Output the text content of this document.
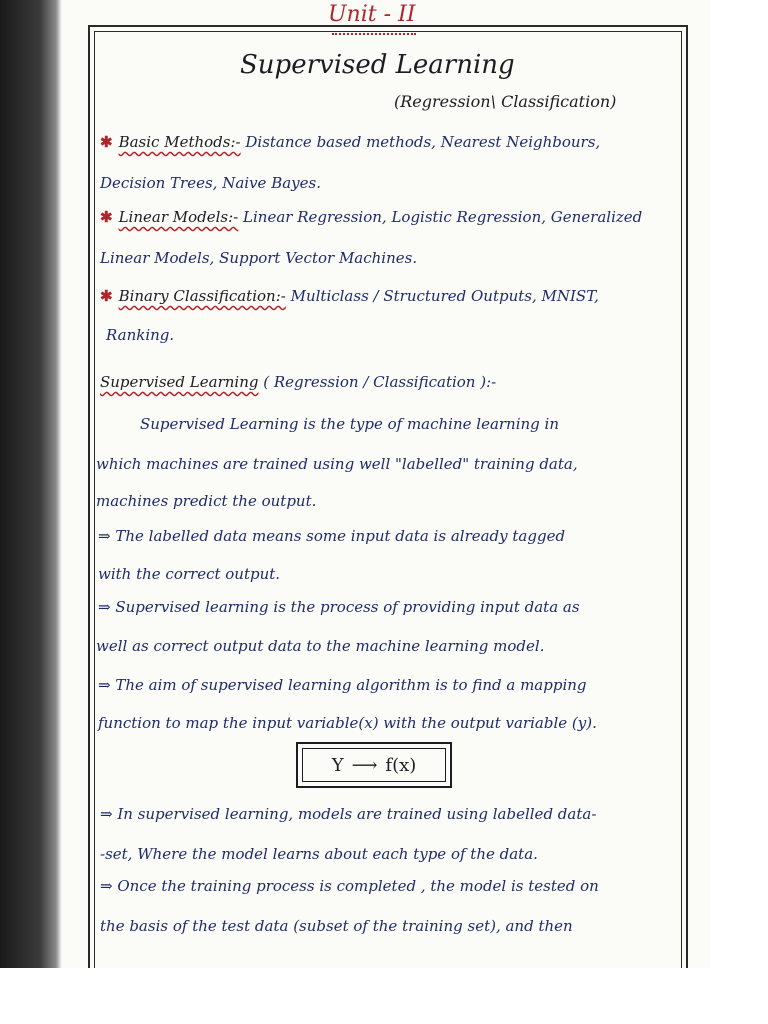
Unit - II
Supervised Learning
(Regression\ Classification)
✱ Basic Methods:- Distance based methods, Nearest Neighbours,
Decision Trees, Naive Bayes.
✱ Linear Models:- Linear Regression, Logistic Regression, Generalized
Linear Models, Support Vector Machines.
✱ Binary Classification:- Multiclass / Structured Outputs, MNIST,
Ranking.
Supervised Learning ( Regression / Classification ):-
Supervised Learning is the type of machine learning in
which machines are trained using well "labelled" training data,
machines predict the output.
⇒ The labelled data means some input data is already tagged
with the correct output.
⇒ Supervised learning is the process of providing input data as
well as correct output data to the machine learning model.
⇒ The aim of supervised learning algorithm is to find a mapping
function to map the input variable(x) with the output variable (y).
Y ⟶ f(x)
⇒ In supervised learning, models are trained using labelled data-
-set, Where the model learns about each type of the data.
⇒ Once the training process is completed , the model is tested on
the basis of the test data (subset of the training set), and then
